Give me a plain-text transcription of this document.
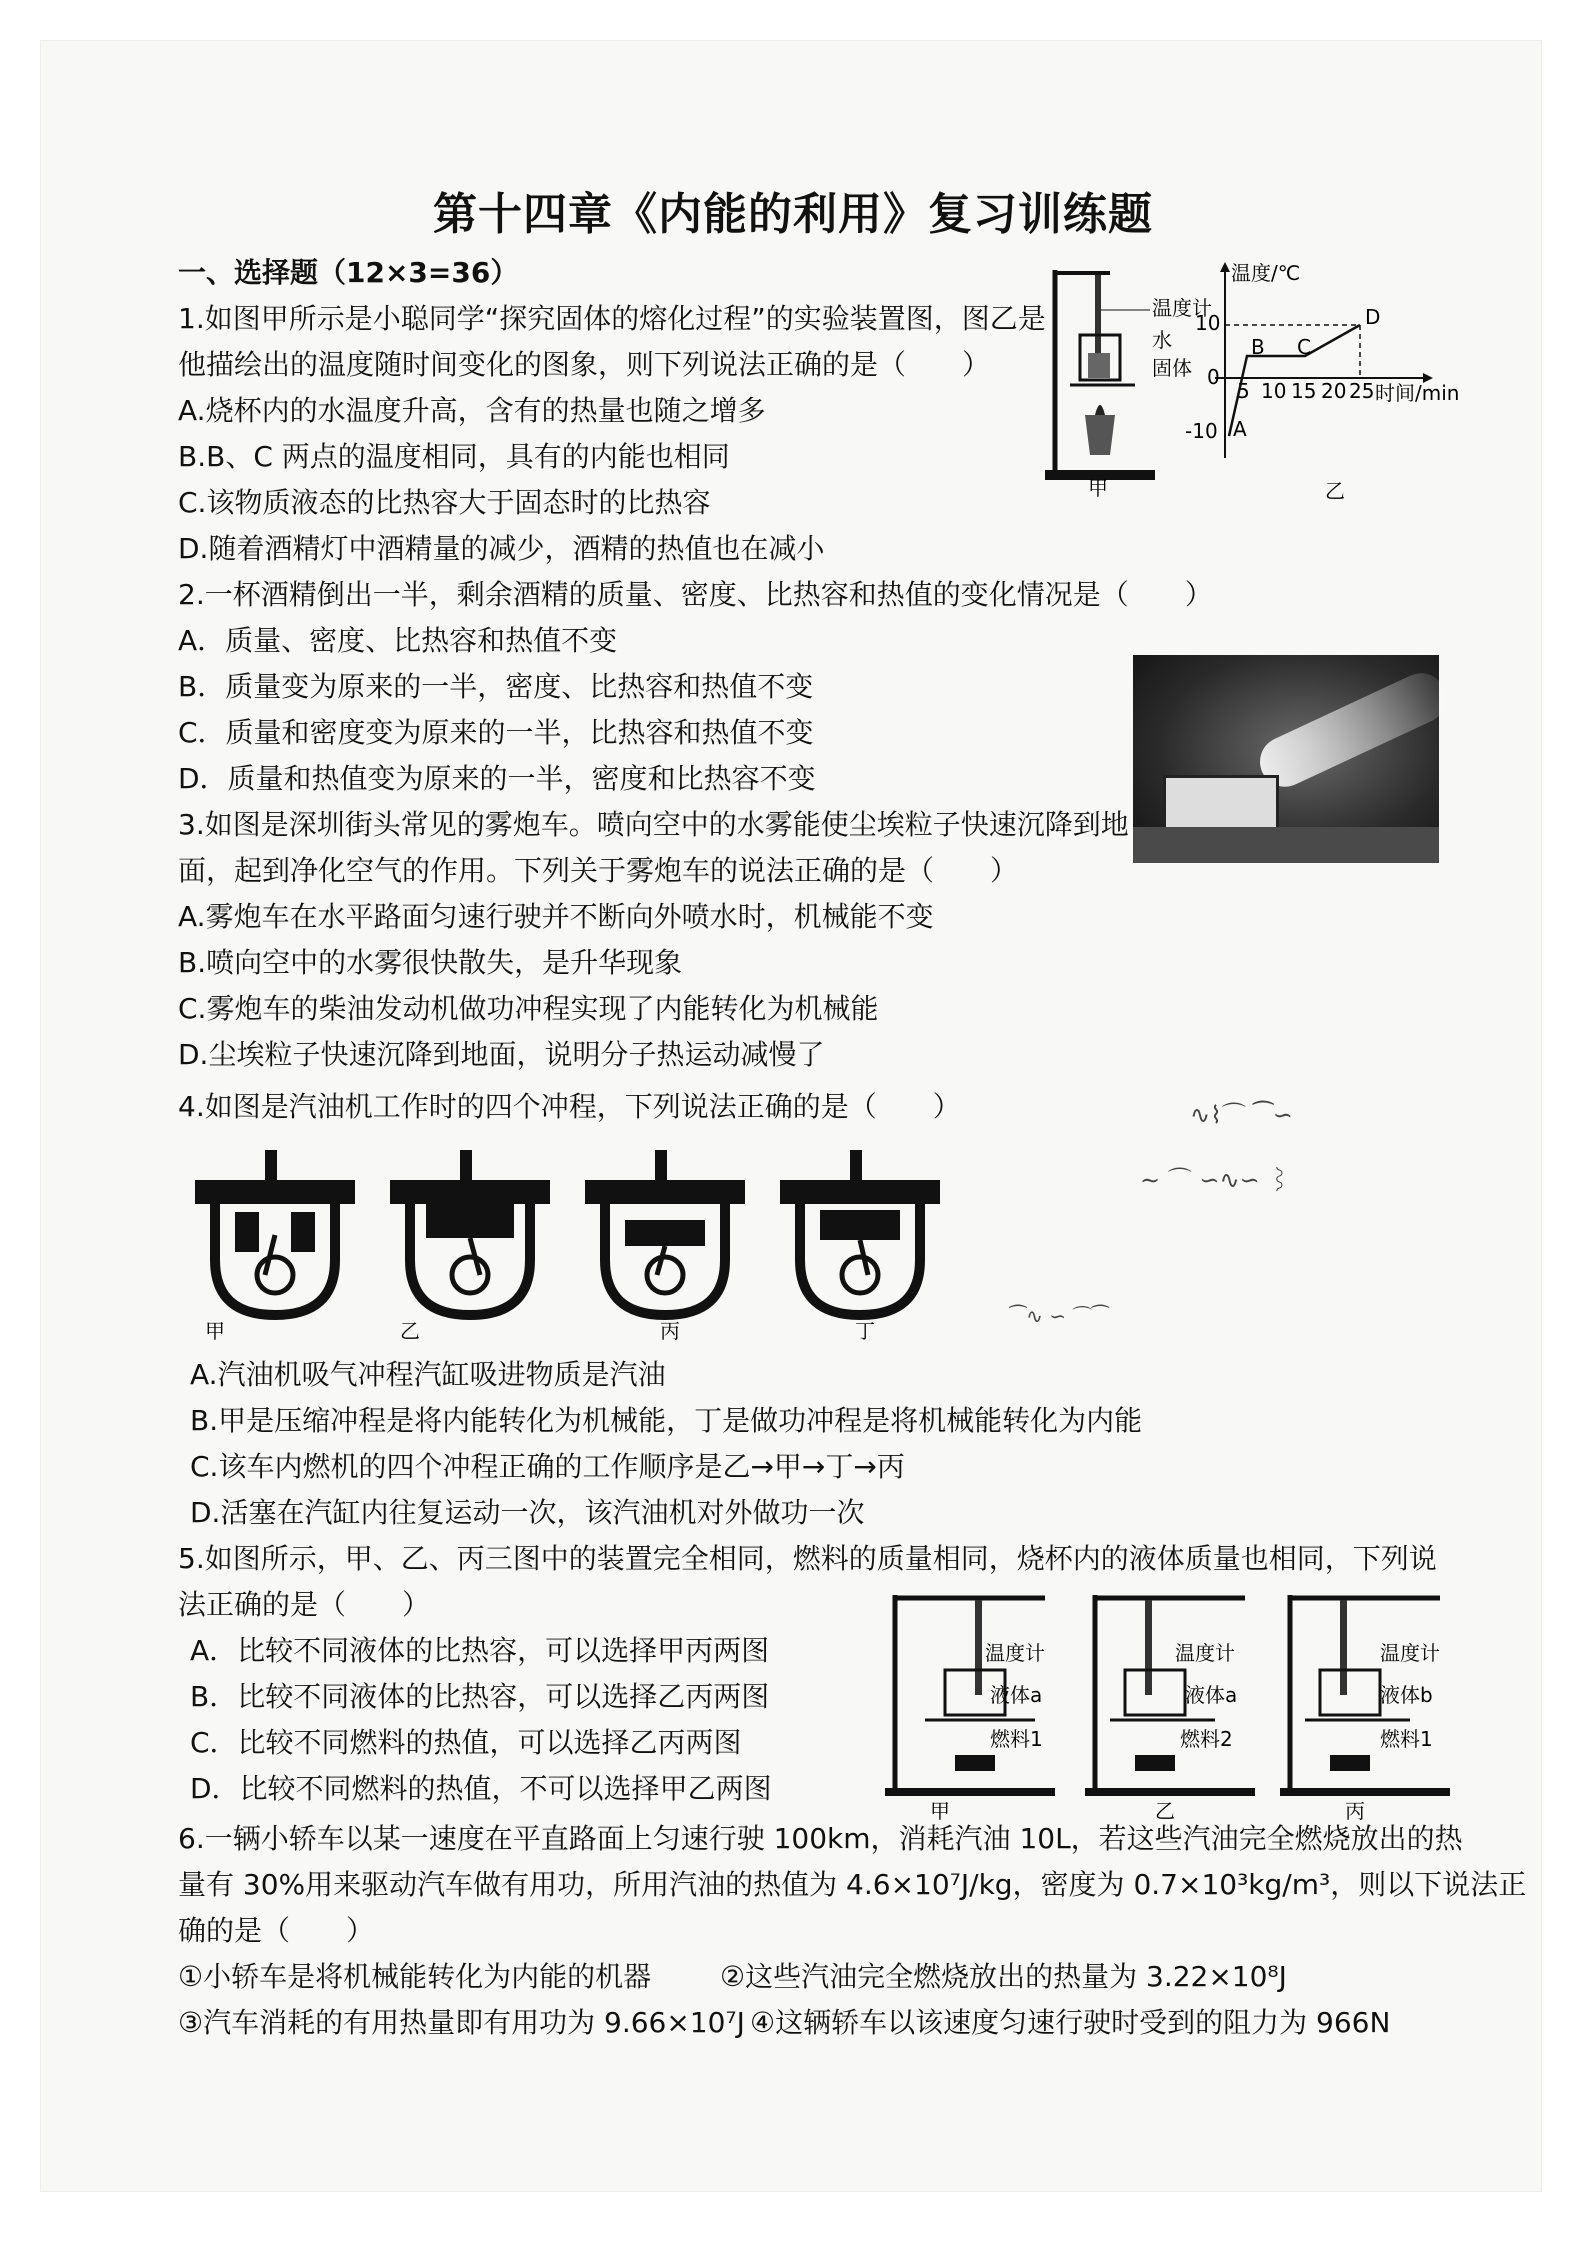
第十四章《内能的利用》复习训练题
一、选择题（12×3=36）
1.如图甲所示是小聪同学“探究固体的熔化过程”的实验装置图，图乙是
他描绘出的温度随时间变化的图象，则下列说法正确的是（　　）
A.烧杯内的水温度升高，含有的热量也随之增多
B.B、C 两点的温度相同，具有的内能也相同
C.该物质液态的比热容大于固态时的比热容
D.随着酒精灯中酒精量的减少，酒精的热值也在减小
温度计
水
固体
甲
温度/℃
时间/min
10
0
-10
5 10 15 20 25
A
B C
D
乙
2.一杯酒精倒出一半，剩余酒精的质量、密度、比热容和热值的变化情况是（　　）
A．质量、密度、比热容和热值不变
B．质量变为原来的一半，密度、比热容和热值不变
C．质量和密度变为原来的一半，比热容和热值不变
D．质量和热值变为原来的一半，密度和比热容不变
3.如图是深圳街头常见的雾炮车。喷向空中的水雾能使尘埃粒子快速沉降到地
面，起到净化空气的作用。下列关于雾炮车的说法正确的是（　　）
A.雾炮车在水平路面匀速行驶并不断向外喷水时，机械能不变
B.喷向空中的水雾很快散失，是升华现象
C.雾炮车的柴油发动机做功冲程实现了内能转化为机械能
D.尘埃粒子快速沉降到地面，说明分子热运动减慢了
4.如图是汽油机工作时的四个冲程，下列说法正确的是（　　）	∿⌇⌒ ⁀∽
∼ ⌒ ∽∿∽ ⌇
⁀∿ ∽ ⌒⁀
甲	乙	丙	丁
A.汽油机吸气冲程汽缸吸进物质是汽油
B.甲是压缩冲程是将内能转化为机械能，丁是做功冲程是将机械能转化为内能
C.该车内燃机的四个冲程正确的工作顺序是乙→甲→丁→丙
D.活塞在汽缸内往复运动一次，该汽油机对外做功一次
5.如图所示，甲、乙、丙三图中的装置完全相同，燃料的质量相同，烧杯内的液体质量也相同，下列说
法正确的是（　　）
A．比较不同液体的比热容，可以选择甲丙两图
B．比较不同液体的比热容，可以选择乙丙两图
C．比较不同燃料的热值，可以选择乙丙两图
D．比较不同燃料的热值，不可以选择甲乙两图
温度计
液体a
燃料1
甲
温度计
液体a
燃料2
乙
温度计
液体b
燃料1
丙
6.一辆小轿车以某一速度在平直路面上匀速行驶 100km，消耗汽油 10L，若这些汽油完全燃烧放出的热
量有 30%用来驱动汽车做有用功，所用汽油的热值为 4.6×10⁷J/kg，密度为 0.7×10³kg/m³，则以下说法正
确的是（　　）
①小轿车是将机械能转化为内能的机器 ②这些汽油完全燃烧放出的热量为 3.22×10⁸J
③汽车消耗的有用热量即有用功为 9.66×10⁷J ④这辆轿车以该速度匀速行驶时受到的阻力为 966N
